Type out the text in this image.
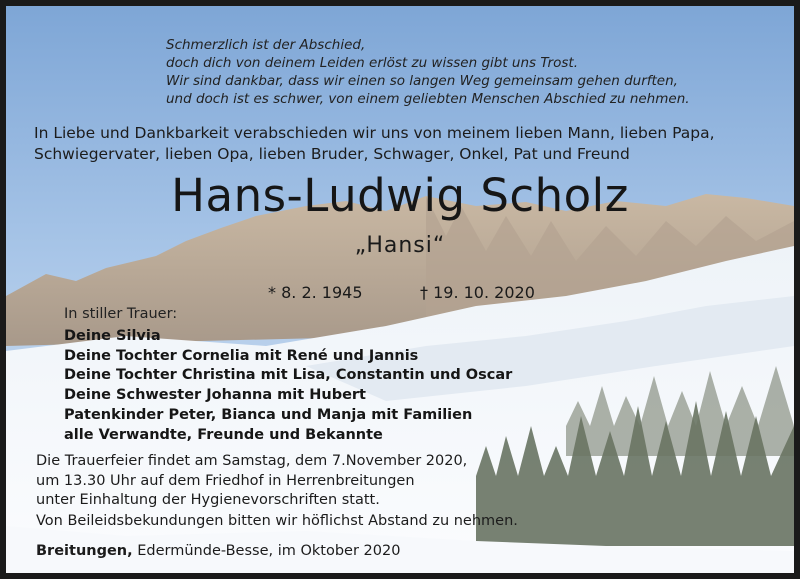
Schmerzlich ist der Abschied,
doch dich von deinem Leiden erlöst zu wissen gibt uns Trost.
Wir sind dankbar, dass wir einen so langen Weg gemeinsam gehen durften,
und doch ist es schwer, von einem geliebten Menschen Abschied zu nehmen.
In Liebe und Dankbarkeit verabschieden wir uns von meinem lieben Mann, lieben Papa,
Schwiegervater, lieben Opa, lieben Bruder, Schwager, Onkel, Pat und Freund
Hans-Ludwig Scholz
„Hansi“
* 8. 2. 1945	† 19. 10. 2020
In stiller Trauer:
Deine Silvia
Deine Tochter Cornelia mit René und Jannis
Deine Tochter Christina mit Lisa, Constantin und Oscar
Deine Schwester Johanna mit Hubert
Patenkinder Peter, Bianca und Manja mit Familien
alle Verwandte, Freunde und Bekannte
Die Trauerfeier findet am Samstag, dem 7.November 2020,
um 13.30 Uhr auf dem Friedhof in Herrenbreitungen
unter Einhaltung der Hygienevorschriften statt.
Von Beileidsbekundungen bitten wir höflichst Abstand zu nehmen.
Breitungen, Edermünde-Besse, im Oktober 2020
